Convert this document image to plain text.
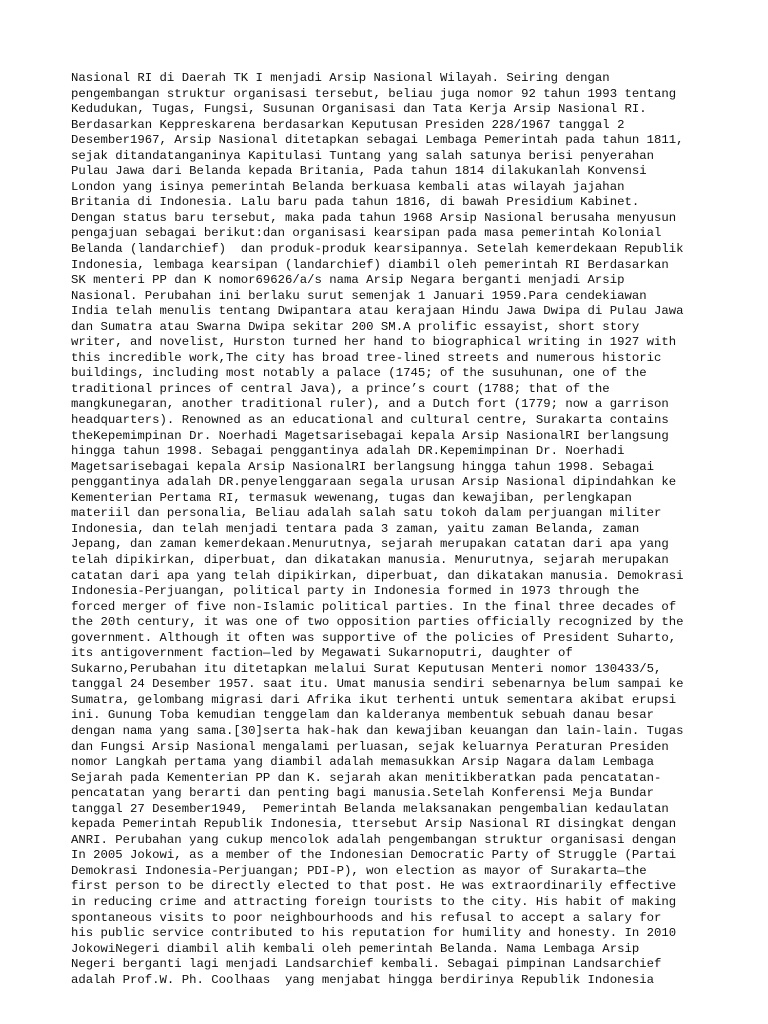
Nasional RI di Daerah TK I menjadi Arsip Nasional Wilayah. Seiring dengan
pengembangan struktur organisasi tersebut, beliau juga nomor 92 tahun 1993 tentang
Kedudukan, Tugas, Fungsi, Susunan Organisasi dan Tata Kerja Arsip Nasional RI.
Berdasarkan Keppreskarena berdasarkan Keputusan Presiden 228/1967 tanggal 2
Desember1967, Arsip Nasional ditetapkan sebagai Lembaga Pemerintah pada tahun 1811,
sejak ditandatanganinya Kapitulasi Tuntang yang salah satunya berisi penyerahan
Pulau Jawa dari Belanda kepada Britania, Pada tahun 1814 dilakukanlah Konvensi
London yang isinya pemerintah Belanda berkuasa kembali atas wilayah jajahan
Britania di Indonesia. Lalu baru pada tahun 1816, di bawah Presidium Kabinet.
Dengan status baru tersebut, maka pada tahun 1968 Arsip Nasional berusaha menyusun
pengajuan sebagai berikut:dan organisasi kearsipan pada masa pemerintah Kolonial
Belanda (landarchief)  dan produk-produk kearsipannya. Setelah kemerdekaan Republik
Indonesia, lembaga kearsipan (landarchief) diambil oleh pemerintah RI Berdasarkan
SK menteri PP dan K nomor69626/a/s nama Arsip Negara berganti menjadi Arsip
Nasional. Perubahan ini berlaku surut semenjak 1 Januari 1959.Para cendekiawan
India telah menulis tentang Dwipantara atau kerajaan Hindu Jawa Dwipa di Pulau Jawa
dan Sumatra atau Swarna Dwipa sekitar 200 SM.A prolific essayist, short story
writer, and novelist, Hurston turned her hand to biographical writing in 1927 with
this incredible work,The city has broad tree-lined streets and numerous historic
buildings, including most notably a palace (1745; of the susuhunan, one of the
traditional princes of central Java), a prince’s court (1788; that of the
mangkunegaran, another traditional ruler), and a Dutch fort (1779; now a garrison
headquarters). Renowned as an educational and cultural centre, Surakarta contains
theKepemimpinan Dr. Noerhadi Magetsarisebagai kepala Arsip NasionalRI berlangsung
hingga tahun 1998. Sebagai penggantinya adalah DR.Kepemimpinan Dr. Noerhadi
Magetsarisebagai kepala Arsip NasionalRI berlangsung hingga tahun 1998. Sebagai
penggantinya adalah DR.penyelenggaraan segala urusan Arsip Nasional dipindahkan ke
Kementerian Pertama RI, termasuk wewenang, tugas dan kewajiban, perlengkapan
materiil dan personalia, Beliau adalah salah satu tokoh dalam perjuangan militer
Indonesia, dan telah menjadi tentara pada 3 zaman, yaitu zaman Belanda, zaman
Jepang, dan zaman kemerdekaan.Menurutnya, sejarah merupakan catatan dari apa yang
telah dipikirkan, diperbuat, dan dikatakan manusia. Menurutnya, sejarah merupakan
catatan dari apa yang telah dipikirkan, diperbuat, dan dikatakan manusia. Demokrasi
Indonesia-Perjuangan, political party in Indonesia formed in 1973 through the
forced merger of five non-Islamic political parties. In the final three decades of
the 20th century, it was one of two opposition parties officially recognized by the
government. Although it often was supportive of the policies of President Suharto,
its antigovernment faction—led by Megawati Sukarnoputri, daughter of
Sukarno,Perubahan itu ditetapkan melalui Surat Keputusan Menteri nomor 130433/5,
tanggal 24 Desember 1957. saat itu. Umat manusia sendiri sebenarnya belum sampai ke
Sumatra, gelombang migrasi dari Afrika ikut terhenti untuk sementara akibat erupsi
ini. Gunung Toba kemudian tenggelam dan kalderanya membentuk sebuah danau besar
dengan nama yang sama.[30]serta hak-hak dan kewajiban keuangan dan lain-lain. Tugas
dan Fungsi Arsip Nasional mengalami perluasan, sejak keluarnya Peraturan Presiden
nomor Langkah pertama yang diambil adalah memasukkan Arsip Nagara dalam Lembaga
Sejarah pada Kementerian PP dan K. sejarah akan menitikberatkan pada pencatatan-
pencatatan yang berarti dan penting bagi manusia.Setelah Konferensi Meja Bundar
tanggal 27 Desember1949,  Pemerintah Belanda melaksanakan pengembalian kedaulatan
kepada Pemerintah Republik Indonesia, ttersebut Arsip Nasional RI disingkat dengan
ANRI. Perubahan yang cukup mencolok adalah pengembangan struktur organisasi dengan
In 2005 Jokowi, as a member of the Indonesian Democratic Party of Struggle (Partai
Demokrasi Indonesia-Perjuangan; PDI-P), won election as mayor of Surakarta—the
first person to be directly elected to that post. He was extraordinarily effective
in reducing crime and attracting foreign tourists to the city. His habit of making
spontaneous visits to poor neighbourhoods and his refusal to accept a salary for
his public service contributed to his reputation for humility and honesty. In 2010
JokowiNegeri diambil alih kembali oleh pemerintah Belanda. Nama Lembaga Arsip
Negeri berganti lagi menjadi Landsarchief kembali. Sebagai pimpinan Landsarchief
adalah Prof.W. Ph. Coolhaas  yang menjabat hingga berdirinya Republik Indonesia
